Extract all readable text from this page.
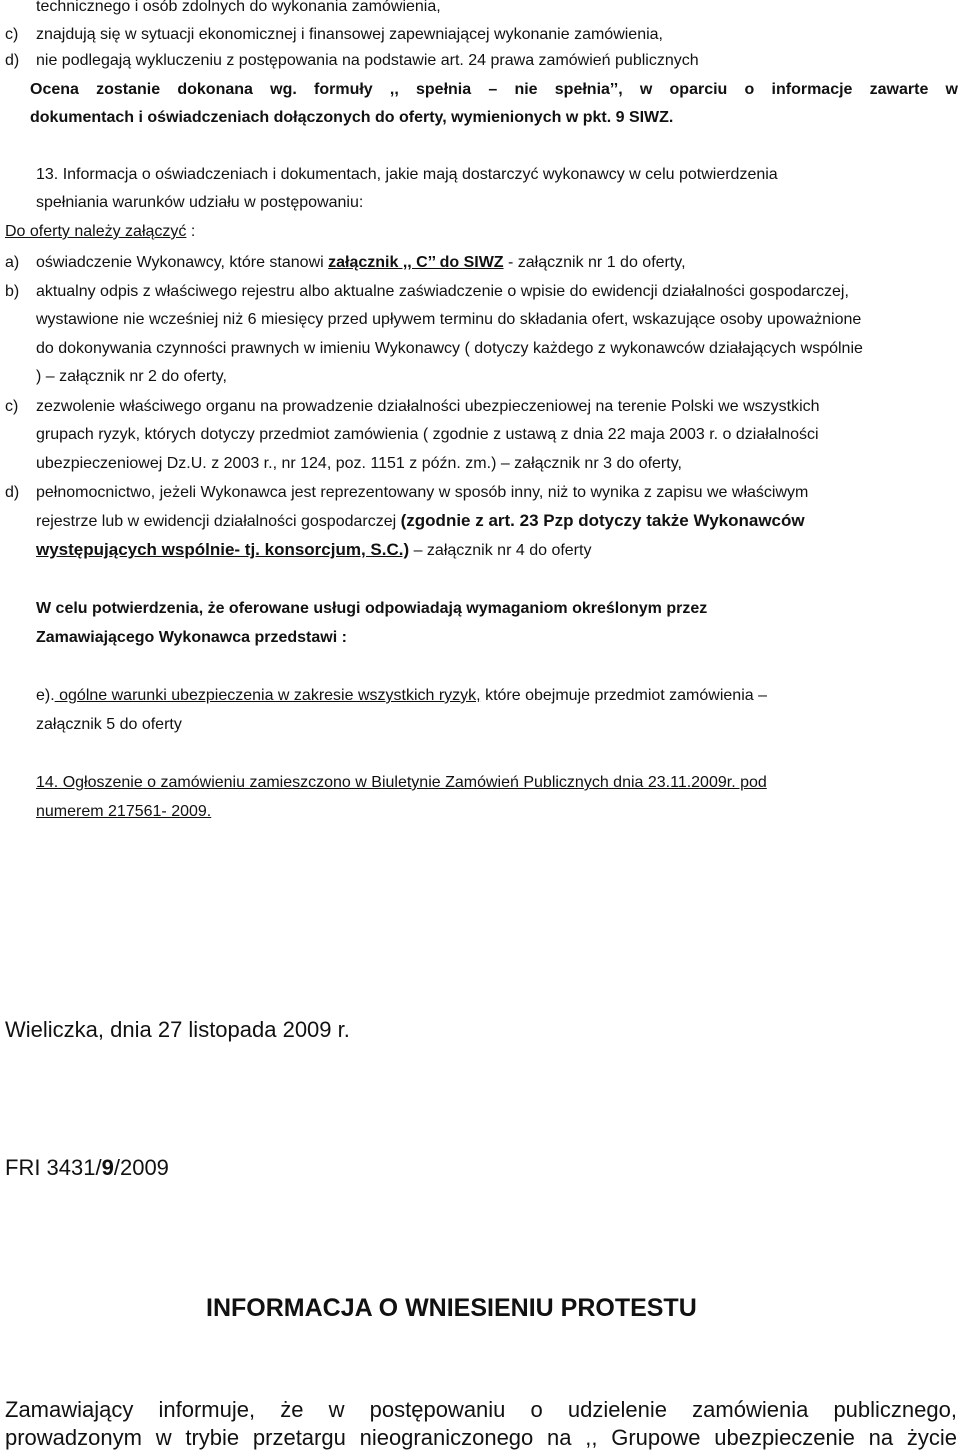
technicznego i osób zdolnych do wykonania zamówienia,
c) znajdują się w sytuacji ekonomicznej i finansowej zapewniającej wykonanie zamówienia,
d) nie podlegają wykluczeniu z postępowania na podstawie art. 24 prawa zamówień publicznych
Ocena zostanie dokonana wg. formuły ,, spełnia – nie spełnia’’, w oparciu o informacje zawarte w
dokumentach i oświadczeniach dołączonych do oferty, wymienionych w pkt. 9 SIWZ.
13. Informacja o oświadczeniach i dokumentach, jakie mają dostarczyć wykonawcy w celu potwierdzenia
spełniania warunków udziału w postępowaniu:
Do oferty należy załączyć :
a) oświadczenie Wykonawcy, które stanowi załącznik ,, C’’ do SIWZ - załącznik nr 1 do oferty,
b) aktualny odpis z właściwego rejestru albo aktualne zaświadczenie o wpisie do ewidencji działalności gospodarczej,
wystawione nie wcześniej niż 6 miesięcy przed upływem terminu do składania ofert, wskazujące osoby upoważnione
do dokonywania czynności prawnych w imieniu Wykonawcy ( dotyczy każdego z wykonawców działających wspólnie
) – załącznik nr 2 do oferty,
c) zezwolenie właściwego organu na prowadzenie działalności ubezpieczeniowej na terenie Polski we wszystkich
grupach ryzyk, których dotyczy przedmiot zamówienia ( zgodnie z ustawą z dnia 22 maja 2003 r. o działalności
ubezpieczeniowej Dz.U. z 2003 r., nr 124, poz. 1151 z późn. zm.) – załącznik nr 3 do oferty,
d) pełnomocnictwo, jeżeli Wykonawca jest reprezentowany w sposób inny, niż to wynika z zapisu we właściwym
rejestrze lub w ewidencji działalności gospodarczej (zgodnie z art. 23 Pzp dotyczy także Wykonawców
występujących wspólnie- tj. konsorcjum, S.C.) – załącznik nr 4 do oferty
W celu potwierdzenia, że oferowane usługi odpowiadają wymaganiom określonym przez
Zamawiającego Wykonawca przedstawi :
e). ogólne warunki ubezpieczenia w zakresie wszystkich ryzyk, które obejmuje przedmiot zamówienia –
załącznik 5 do oferty
14. Ogłoszenie o zamówieniu zamieszczono w Biuletynie Zamówień Publicznych dnia 23.11.2009r. pod
numerem 217561- 2009.
Wieliczka, dnia 27 listopada 2009 r.
FRI 3431/9/2009
INFORMACJA O WNIESIENIU PROTESTU
Zamawiający informuje, że w postępowaniu o udzielenie zamówienia publicznego,
prowadzonym w trybie przetargu nieograniczonego na ,, Grupowe ubezpieczenie na życie
